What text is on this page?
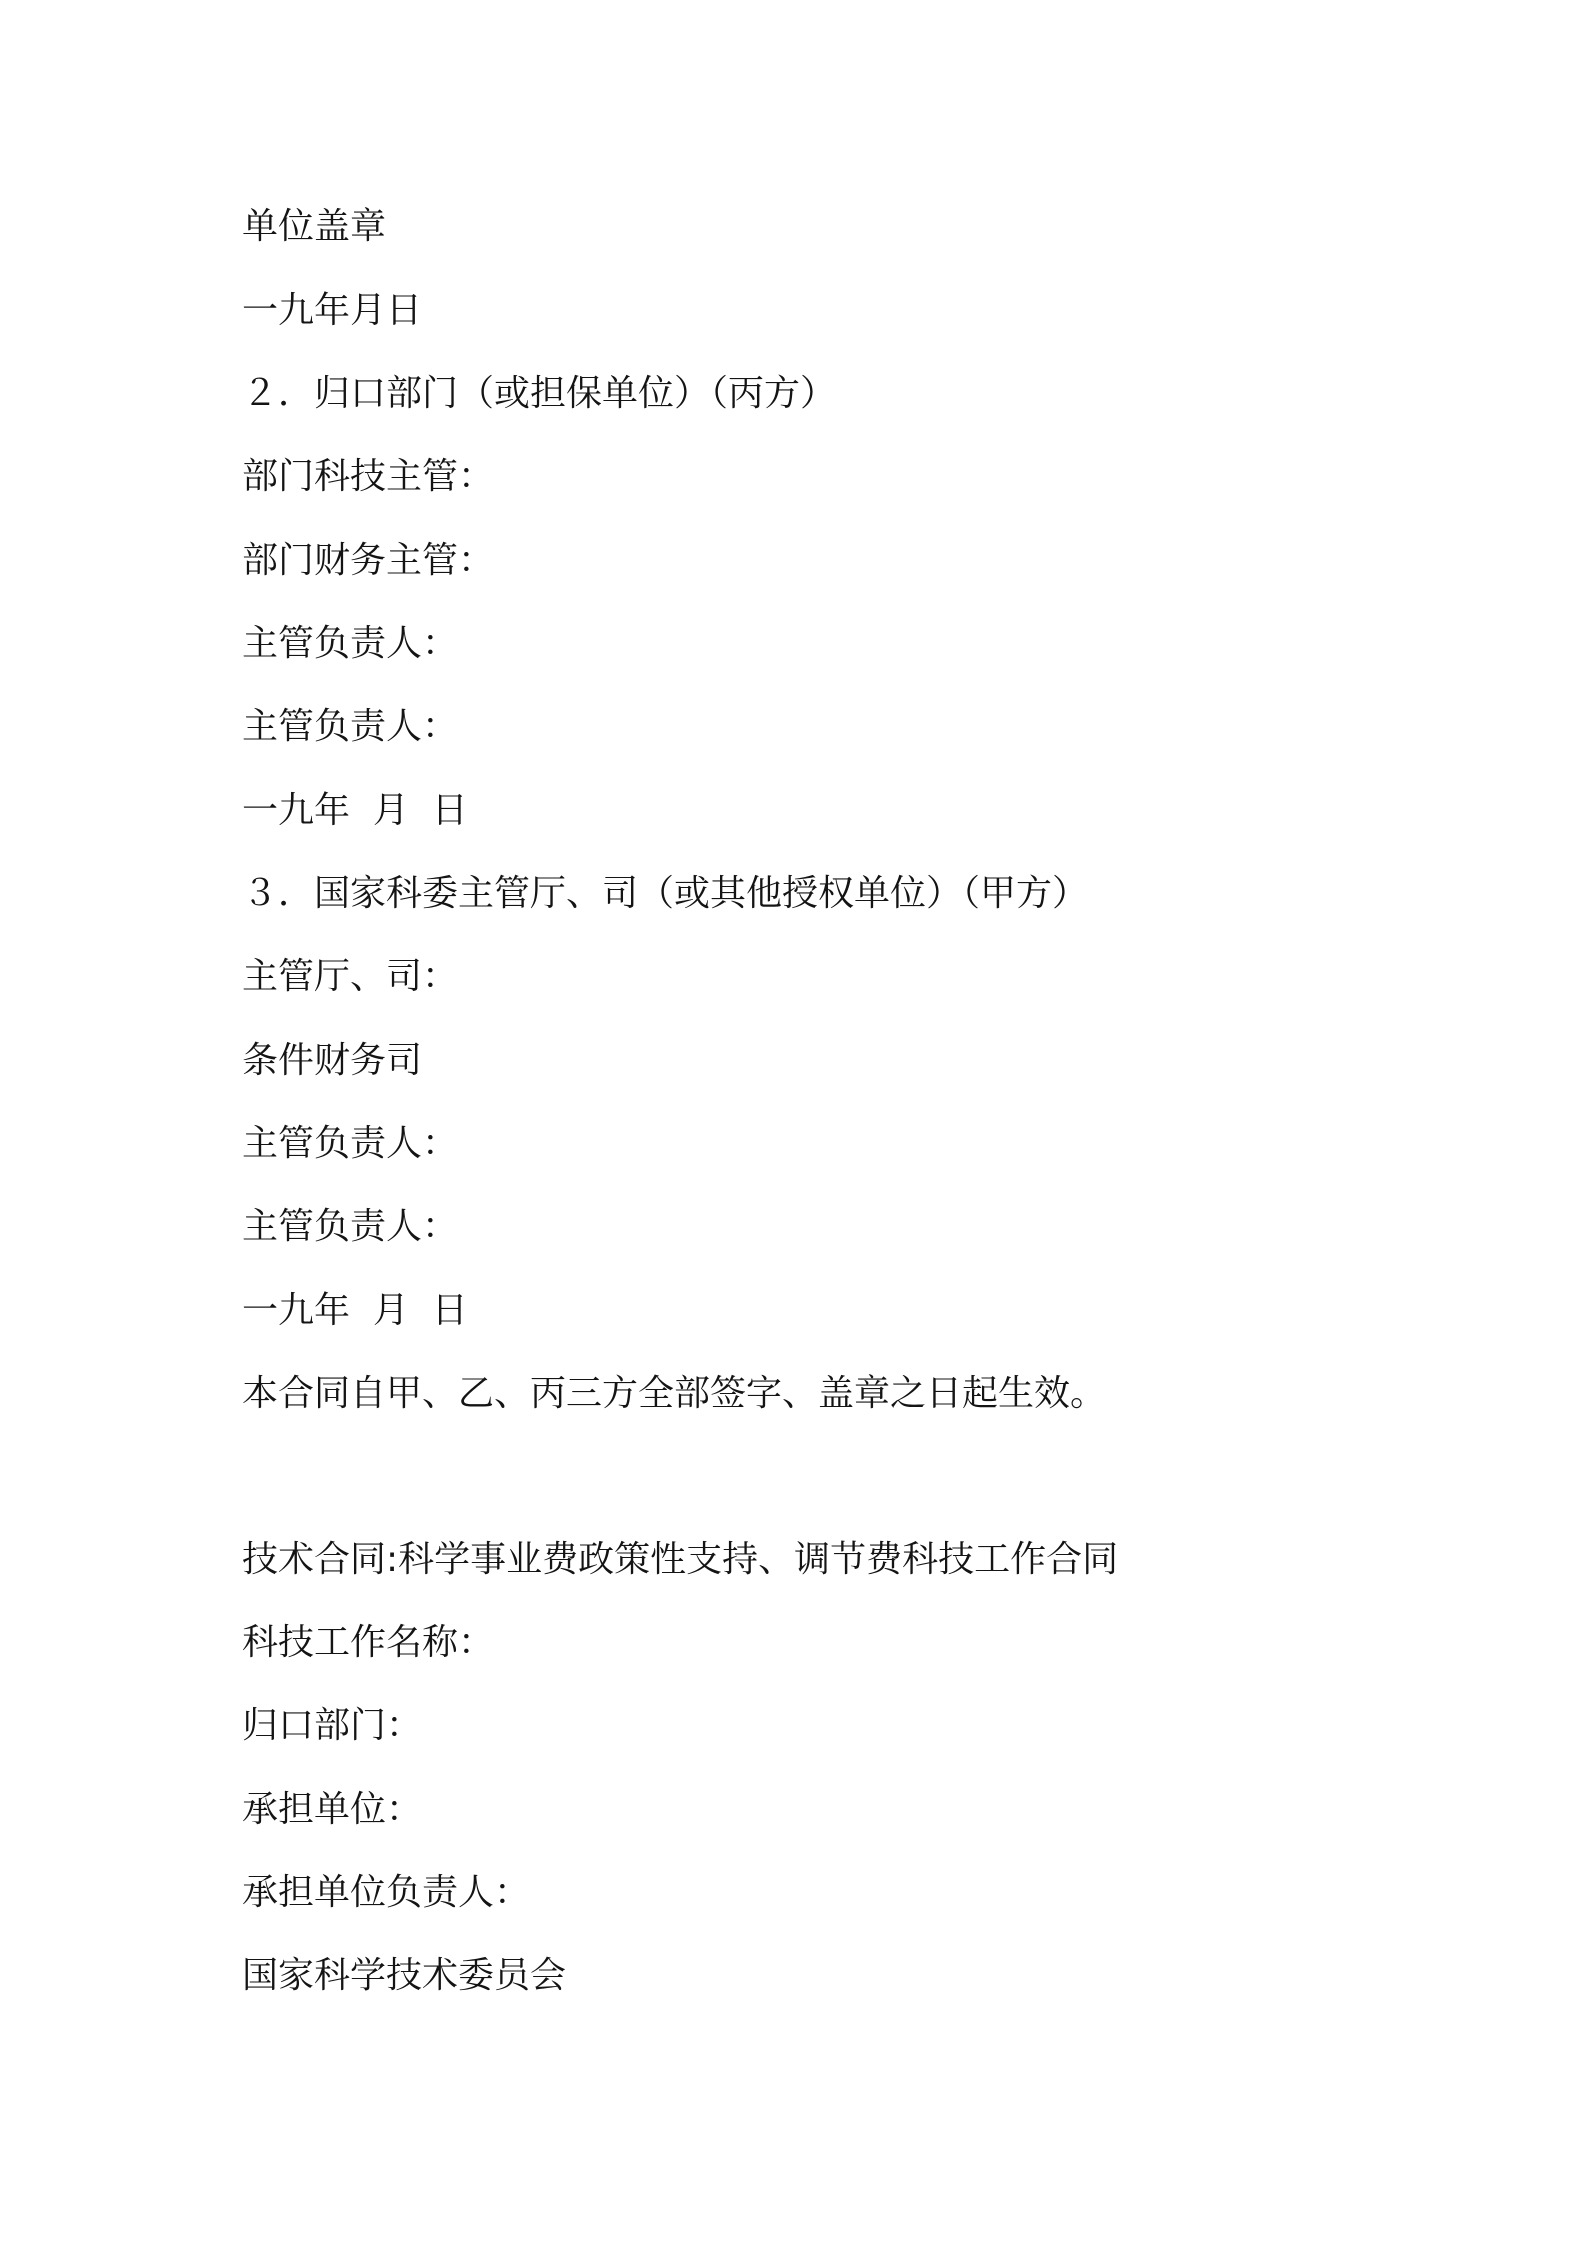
单位盖章

一九年月日

２．归口部门（或担保单位）（丙方）

部门科技主管：

部门财务主管：

主管负责人：

主管负责人：

一九年  月  日

３．国家科委主管厅、司（或其他授权单位）（甲方）

主管厅、司：

条件财务司

主管负责人：

主管负责人：

一九年  月  日

本合同自甲、乙、丙三方全部签字、盖章之日起生效。

技术合同:科学事业费政策性支持、调节费科技工作合同

科技工作名称：

归口部门：

承担单位：

承担单位负责人：

国家科学技术委员会
